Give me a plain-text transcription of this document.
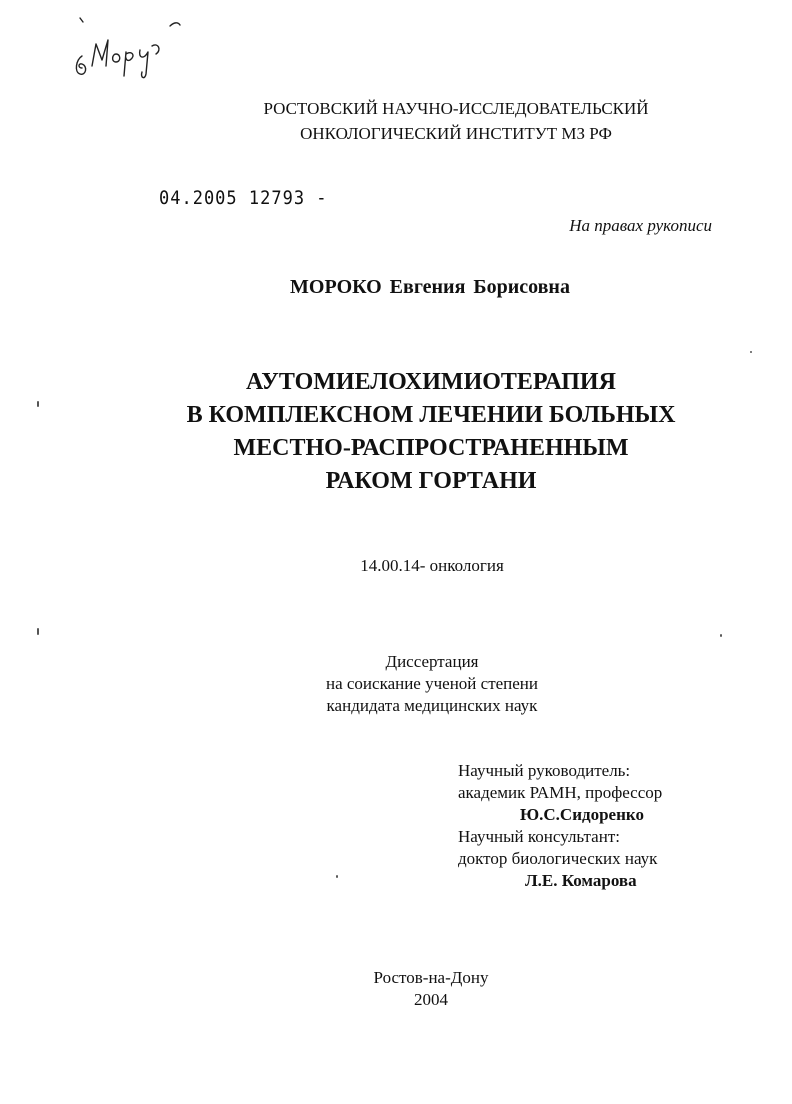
РОСТОВСКИЙ НАУЧНО-ИССЛЕДОВАТЕЛЬСКИЙ
ОНКОЛОГИЧЕСКИЙ ИНСТИТУТ МЗ РФ
04.2005 12793 -
На правах рукописи
МОРОКО Евгения Борисовна
АУТОМИЕЛОХИМИОТЕРАПИЯ
В КОМПЛЕКСНОМ ЛЕЧЕНИИ БОЛЬНЫХ
МЕСТНО-РАСПРОСТРАНЕННЫМ
РАКОМ ГОРТАНИ
14.00.14- онкология
Диссертация
на соискание ученой степени
кандидата медицинских наук
Научный руководитель:
академик РАМН, профессор
Ю.С.Сидоренко
Научный консультант:
доктор биологических наук
Л.Е. Комарова
Ростов-на-Дону
2004
